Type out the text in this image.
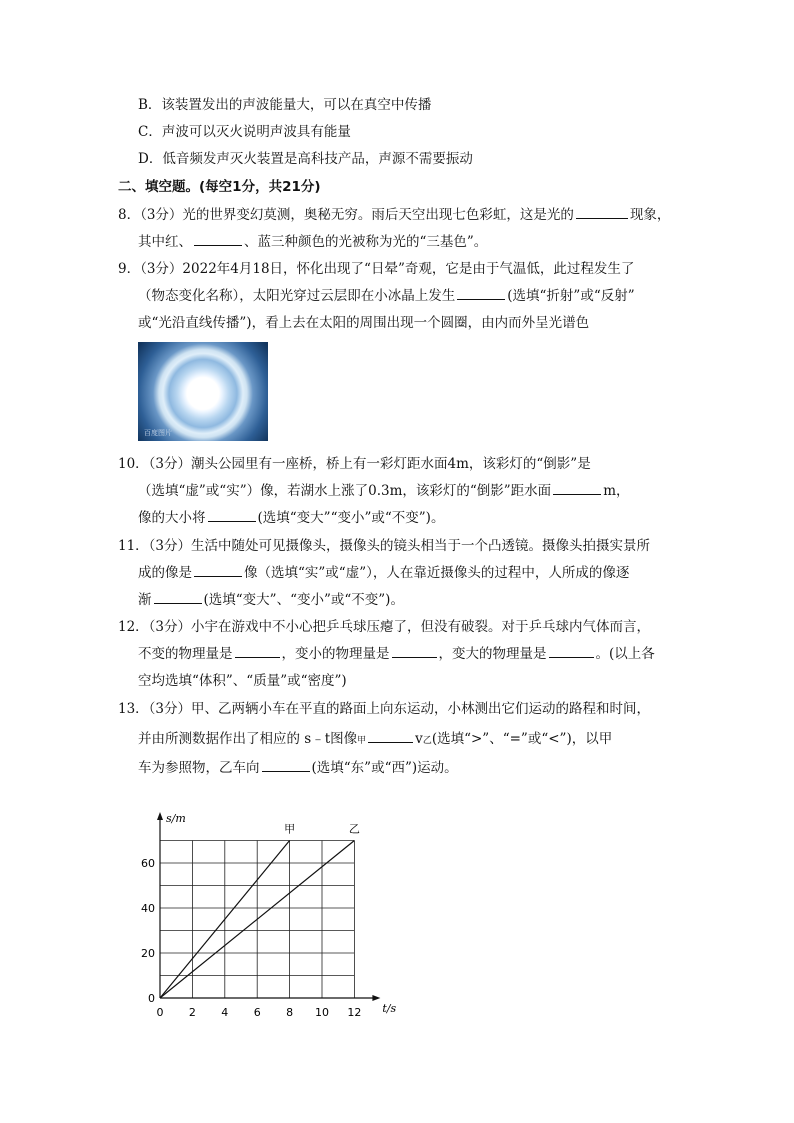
B．该装置发出的声波能量大，可以在真空中传播
C．声波可以灭火说明声波具有能量
D．低音频发声灭火装置是高科技产品，声源不需要振动
二、填空题。(每空1分，共21分)
8．（3分）光的世界变幻莫测，奥秘无穷。雨后天空出现七色彩虹，这是光的	现象，
其中红、	、蓝三种颜色的光被称为光的“三基色”。
9．（3分）2022年4月18日，怀化出现了“日晕”奇观，它是由于气温低，此过程发生了
（物态变化名称），太阳光穿过云层即在小冰晶上发生	(选填“折射”或“反射”
或“光沿直线传播”)，看上去在太阳的周围出现一个圆圈，由内而外呈光谱色
百度图片
10．（3分）潮头公园里有一座桥，桥上有一彩灯距水面4m，该彩灯的“倒影”是
（选填“虚”或“实”）像，若湖水上涨了0.3m，该彩灯的“倒影”距水面	m，
像的大小将	(选填“变大”“变小”或“不变”)。
11．（3分）生活中随处可见摄像头，摄像头的镜头相当于一个凸透镜。摄像头拍摄实景所
成的像是	像（选填“实”或“虚”），人在靠近摄像头的过程中，人所成的像逐
渐	(选填“变大”、“变小”或“不变”)。
12．（3分）小宇在游戏中不小心把乒乓球压瘪了，但没有破裂。对于乒乓球内气体而言，
不变的物理量是	，变小的物理量是	，变大的物理量是	。(以上各
空均选填“体积”、“质量”或“密度”)
13．（3分）甲、乙两辆小车在平直的路面上向东运动，小林测出它们运动的路程和时间，
并由所测数据作出了相应的 s﹣t图像甲	v乙(选填“>”、“=”或“<”)，以甲
车为参照物，乙车向	(选填“东”或“西”)运动。
0 2 4 6 8 10 12
0
20
40
60
t/s
s/m
甲	乙
